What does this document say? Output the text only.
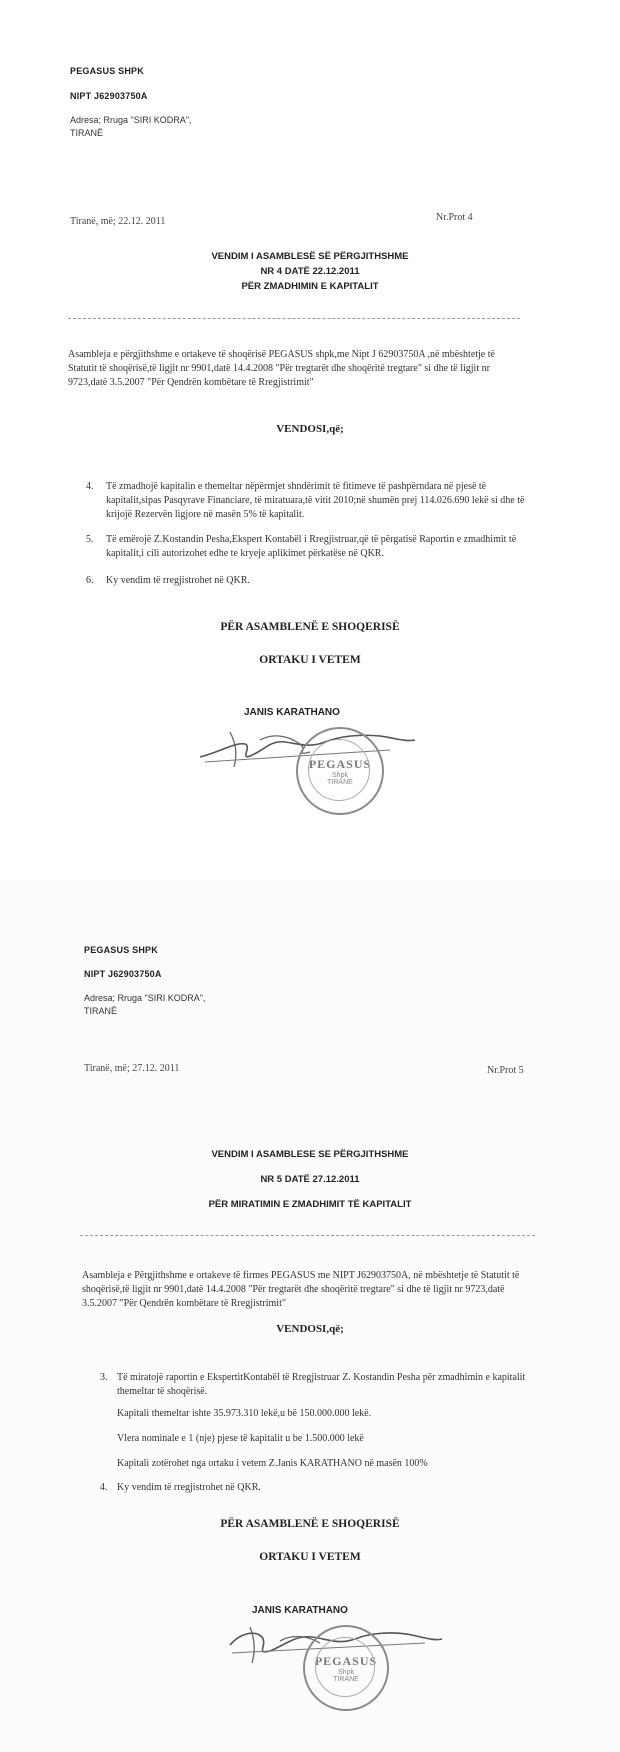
PEGASUS SHPK
NIPT J62903750A
Adresa; Rruga "SIRI KODRA",
TIRANË
Tiranë, më; 22.12. 2011	Nr.Prot 4
VENDIM I ASAMBLESË SË PËRGJITHSHME
NR 4 DATË 22.12.2011
PËR ZMADHIMIN E KAPITALIT
Asambleja e përgjithshme e ortakeve të shoqërisë PEGASUS shpk,me Nipt J 62903750A ,në mbështetje të Statutit të shoqërisë,të ligjit nr 9901,datë 14.4.2008 "Për tregtarët dhe shoqëritë tregtare" si dhe të ligjit nr 9723,datë 3.5.2007 "Për Qendrën kombëtare të Rregjistrimit"
VENDOSI,që;
4. Të zmadhojë kapitalin e themeltar nëpërmjet shndërimit të fitimeve të pashpërndara në pjesë të kapitalit,sipas Pasqyrave Financiare, të miratuara,të vitit 2010;në shumën prej 114.026.690 lekë si dhe të krijojë Rezervën ligjore në masën 5% të kapitalit.
5. Të emërojë Z.Kostandin Pesha,Ekspert Kontabël i Rregjistruar,që të përgatisë Raportin e zmadhimit të kapitalit,i cili autorizohet edhe te kryeje aplikimet përkatëse në QKR.
6. Ky vendim të rregjistrohet në QKR.
PËR ASAMBLENË E SHOQERISË
ORTAKU I VETEM
JANIS KARATHANO
PEGASUS
Shpk
TIRANE
PEGASUS SHPK
NIPT J62903750A
Adresa; Rruga "SIRI KODRA",
TIRANË
Tiranë, më; 27.12. 2011	Nr.Prot 5
VENDIM I ASAMBLESE SE PËRGJITHSHME
NR 5 DATË 27.12.2011
PËR MIRATIMIN E ZMADHIMIT TË KAPITALIT
Asambleja e Përgjithshme e ortakeve të firmes PEGASUS me NIPT J62903750A, në mbështetje të Statutit të shoqërisë,të ligjit nr 9901,datë 14.4.2008 "Për tregtarët dhe shoqëritë tregtare" si dhe të ligjit nr 9723,datë 3.5.2007 "Për Qendrën kombëtare të Rregjistrimit"
VENDOSI,që;
3. Të miratojë raportin e EkspertitKontabël të Rregjistruar Z. Kostandin Pesha për zmadhimin e kapitalit themeltar të shoqërisë.
Kapitali themeltar ishte 35.973.310 lekë,u bë 150.000.000 lekë.
Vlera nominale e 1 (nje) pjese të kapitalit u be 1.500.000 lekë
Kapitali zotërohet nga ortaku i vetem Z.Janis KARATHANO në masën 100%
4. Ky vendim të rregjistrohet në QKR.
PËR ASAMBLENË E SHOQERISË
ORTAKU I VETEM
JANIS KARATHANO
PEGASUS
Shpk
TIRANE
